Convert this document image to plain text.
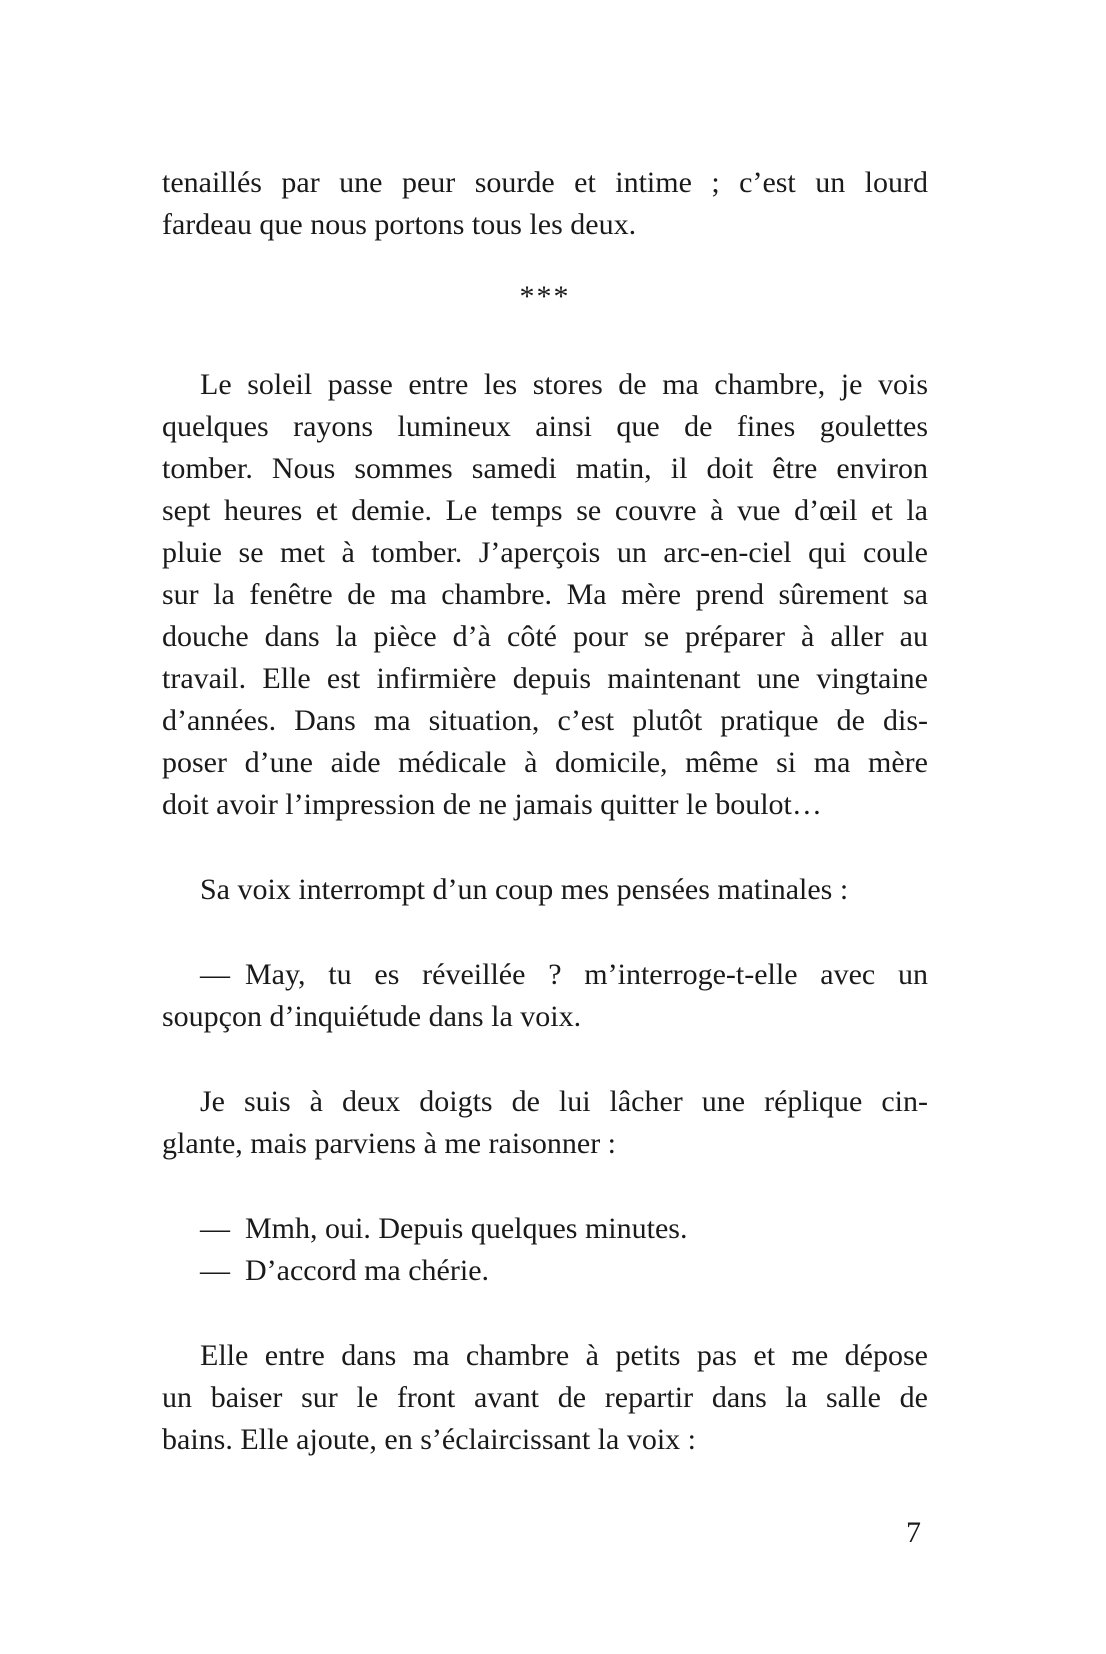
tenaillés par une peur sourde et intime ; c’est un lourd
fardeau que nous portons tous les deux.
***
Le soleil passe entre les stores de ma chambre, je vois
quelques rayons lumineux ainsi que de fines goulettes
tomber. Nous sommes samedi matin, il doit être environ
sept heures et demie. Le temps se couvre à vue d’œil et la
pluie se met à tomber. J’aperçois un arc-en-ciel qui coule
sur la fenêtre de ma chambre. Ma mère prend sûrement sa
douche dans la pièce d’à côté pour se préparer à aller au
travail. Elle est infirmière depuis maintenant une vingtaine
d’années. Dans ma situation, c’est plutôt pratique de dis-
poser d’une aide médicale à domicile, même si ma mère
doit avoir l’impression de ne jamais quitter le boulot…
Sa voix interrompt d’un coup mes pensées matinales :
— May, tu es réveillée ? m’interroge-t-elle avec un
soupçon d’inquiétude dans la voix.
Je suis à deux doigts de lui lâcher une réplique cin-
glante, mais parviens à me raisonner :
— Mmh, oui. Depuis quelques minutes.
— D’accord ma chérie.
Elle entre dans ma chambre à petits pas et me dépose
un baiser sur le front avant de repartir dans la salle de
bains. Elle ajoute, en s’éclaircissant la voix :
7
